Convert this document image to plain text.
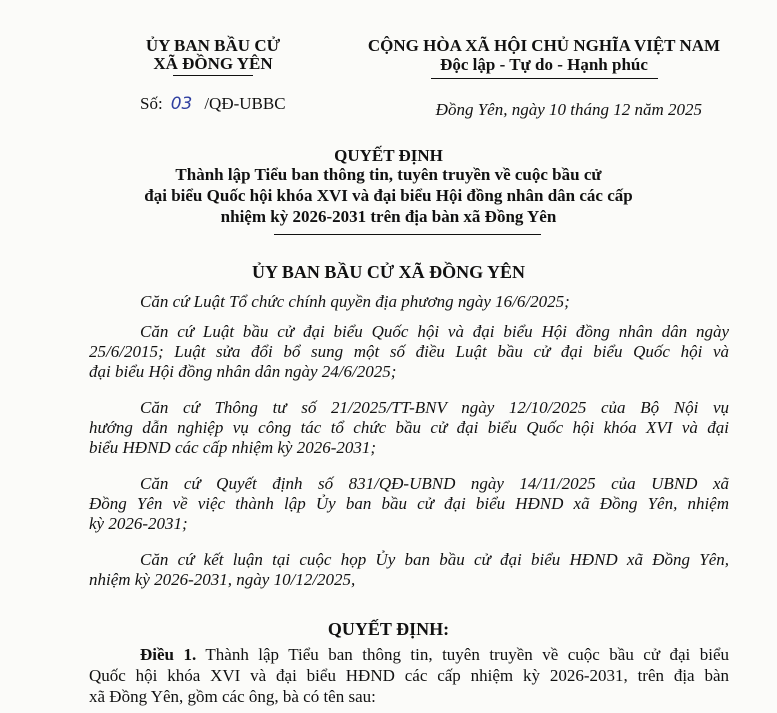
ỦY BAN BẦU CỬ
XÃ ĐỒNG YÊN
Số: 03 /QĐ-UBBC
CỘNG HÒA XÃ HỘI CHỦ NGHĨA VIỆT NAM
Độc lập - Tự do - Hạnh phúc
Đồng Yên, ngày 10 tháng 12 năm 2025
QUYẾT ĐỊNH
Thành lập Tiểu ban thông tin, tuyên truyền về cuộc bầu cử
đại biểu Quốc hội khóa XVI và đại biểu Hội đồng nhân dân các cấp
nhiệm kỳ 2026-2031 trên địa bàn xã Đồng Yên
ỦY BAN BẦU CỬ XÃ ĐỒNG YÊN
Căn cứ Luật Tổ chức chính quyền địa phương ngày 16/6/2025;
Căn cứ Luật bầu cử đại biểu Quốc hội và đại biểu Hội đồng nhân dân ngày
25/6/2015; Luật sửa đổi bổ sung một số điều Luật bầu cử đại biểu Quốc hội và
đại biểu Hội đồng nhân dân ngày 24/6/2025;
Căn cứ Thông tư số 21/2025/TT-BNV ngày 12/10/2025 của Bộ Nội vụ
hướng dẫn nghiệp vụ công tác tổ chức bầu cử đại biểu Quốc hội khóa XVI và đại
biểu HĐND các cấp nhiệm kỳ 2026-2031;
Căn cứ Quyết định số 831/QĐ-UBND ngày 14/11/2025 của UBND xã
Đồng Yên về việc thành lập Ủy ban bầu cử đại biểu HĐND xã Đồng Yên, nhiệm
kỳ 2026-2031;
Căn cứ kết luận tại cuộc họp Ủy ban bầu cử đại biểu HĐND xã Đồng Yên,
nhiệm kỳ 2026-2031, ngày 10/12/2025,
QUYẾT ĐỊNH:
Điều 1. Thành lập Tiểu ban thông tin, tuyên truyền về cuộc bầu cử đại biểu
Quốc hội khóa XVI và đại biểu HĐND các cấp nhiệm kỳ 2026-2031, trên địa bàn
xã Đồng Yên, gồm các ông, bà có tên sau:
